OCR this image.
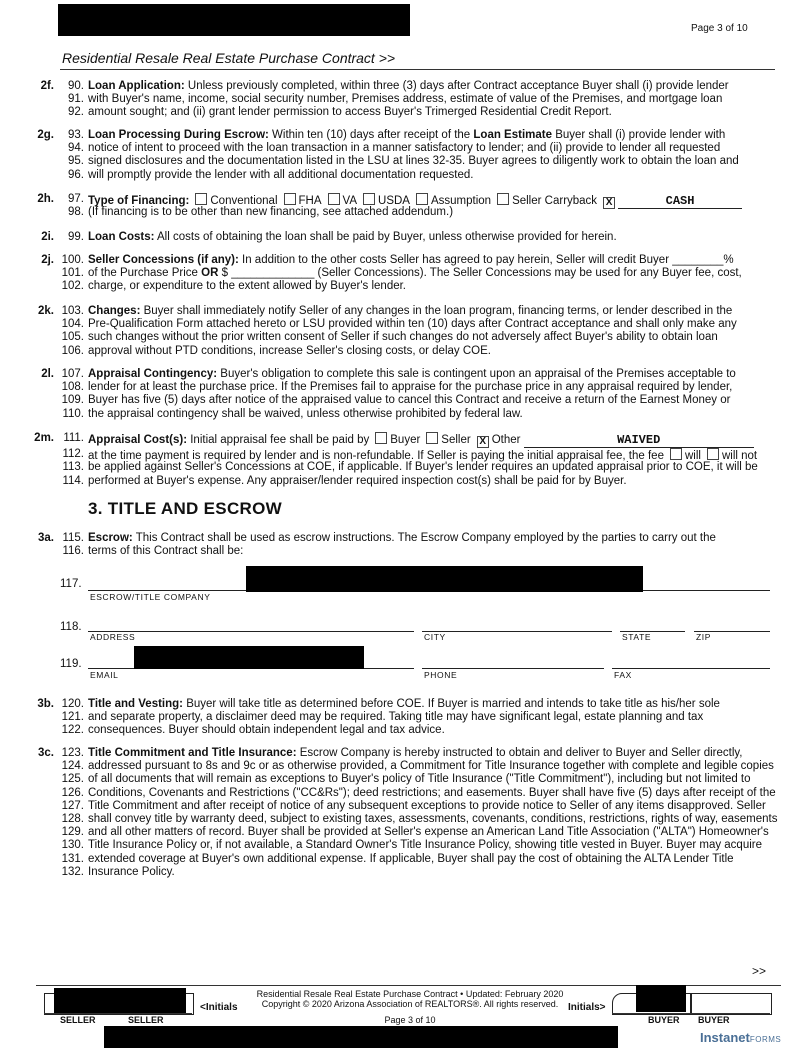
Page 3 of 10
Residential Resale Real Estate Purchase Contract >>
2f.	90. Loan Application: Unless previously completed, within three (3) days after Contract acceptance Buyer shall (i) provide lender
91. with Buyer's name, income, social security number, Premises address, estimate of value of the Premises, and mortgage loan
92. amount sought; and (ii) grant lender permission to access Buyer's Trimerged Residential Credit Report.
2g.	93. Loan Processing During Escrow: Within ten (10) days after receipt of the Loan Estimate Buyer shall (i) provide lender with
94. notice of intent to proceed with the loan transaction in a manner satisfactory to lender; and (ii) provide to lender all requested
95. signed disclosures and the documentation listed in the LSU at lines 32-35. Buyer agrees to diligently work to obtain the loan and
96. will promptly provide the lender with all additional documentation requested.
2h.	97. Type of Financing: Conventional FHA VA USDA Assumption Seller Carryback X	CASH
98. (If financing is to be other than new financing, see attached addendum.)
2i.	99. Loan Costs: All costs of obtaining the loan shall be paid by Buyer, unless otherwise provided for herein.
2j. 100. Seller Concessions (if any): In addition to the other costs Seller has agreed to pay herein, Seller will credit Buyer ________%
101. of the Purchase Price OR $ _____________ (Seller Concessions). The Seller Concessions may be used for any Buyer fee, cost,
102. charge, or expenditure to the extent allowed by Buyer's lender.
2k. 103. Changes: Buyer shall immediately notify Seller of any changes in the loan program, financing terms, or lender described in the
104. Pre-Qualification Form attached hereto or LSU provided within ten (10) days after Contract acceptance and shall only make any
105. such changes without the prior written consent of Seller if such changes do not adversely affect Buyer's ability to obtain loan
106. approval without PTD conditions, increase Seller's closing costs, or delay COE.
2l. 107. Appraisal Contingency: Buyer's obligation to complete this sale is contingent upon an appraisal of the Premises acceptable to
108. lender for at least the purchase price. If the Premises fail to appraise for the purchase price in any appraisal required by lender,
109. Buyer has five (5) days after notice of the appraised value to cancel this Contract and receive a return of the Earnest Money or
110. the appraisal contingency shall be waived, unless otherwise prohibited by federal law.
2m. 111. Appraisal Cost(s): Initial appraisal fee shall be paid by Buyer Seller X Other	WAIVED
112. at the time payment is required by lender and is non-refundable. If Seller is paying the initial appraisal fee, the fee will will not
113. be applied against Seller's Concessions at COE, if applicable. If Buyer's lender requires an updated appraisal prior to COE, it will be
114. performed at Buyer's expense. Any appraiser/lender required inspection cost(s) shall be paid for by Buyer.
3. TITLE AND ESCROW
3a. 115. Escrow: This Contract shall be used as escrow instructions. The Escrow Company employed by the parties to carry out the
116. terms of this Contract shall be:
117.
ESCROW/TITLE COMPANY
118.
ADDRESS	CITY	STATE	ZIP
119.
EMAIL	PHONE	FAX
3b. 120. Title and Vesting: Buyer will take title as determined before COE. If Buyer is married and intends to take title as his/her sole
121. and separate property, a disclaimer deed may be required. Taking title may have significant legal, estate planning and tax
122. consequences. Buyer should obtain independent legal and tax advice.
3c. 123. Title Commitment and Title Insurance: Escrow Company is hereby instructed to obtain and deliver to Buyer and Seller directly,
124. addressed pursuant to 8s and 9c or as otherwise provided, a Commitment for Title Insurance together with complete and legible copies
125. of all documents that will remain as exceptions to Buyer's policy of Title Insurance ("Title Commitment"), including but not limited to
126. Conditions, Covenants and Restrictions ("CC&Rs"); deed restrictions; and easements. Buyer shall have five (5) days after receipt of the
127. Title Commitment and after receipt of notice of any subsequent exceptions to provide notice to Seller of any items disapproved. Seller
128. shall convey title by warranty deed, subject to existing taxes, assessments, covenants, conditions, restrictions, rights of way, easements
129. and all other matters of record. Buyer shall be provided at Seller's expense an American Land Title Association ("ALTA") Homeowner's
130. Title Insurance Policy or, if not available, a Standard Owner's Title Insurance Policy, showing title vested in Buyer. Buyer may acquire
131. extended coverage at Buyer's own additional expense. If applicable, Buyer shall pay the cost of obtaining the ALTA Lender Title
132. Insurance Policy.
>>
SELLER	SELLER
<Initials
Residential Resale Real Estate Purchase Contract • Updated: February 2020
Copyright © 2020 Arizona Association of REALTORS®. All rights reserved.
Page 3 of 10
Initials>
BUYER BUYER
InstanetFORMS
